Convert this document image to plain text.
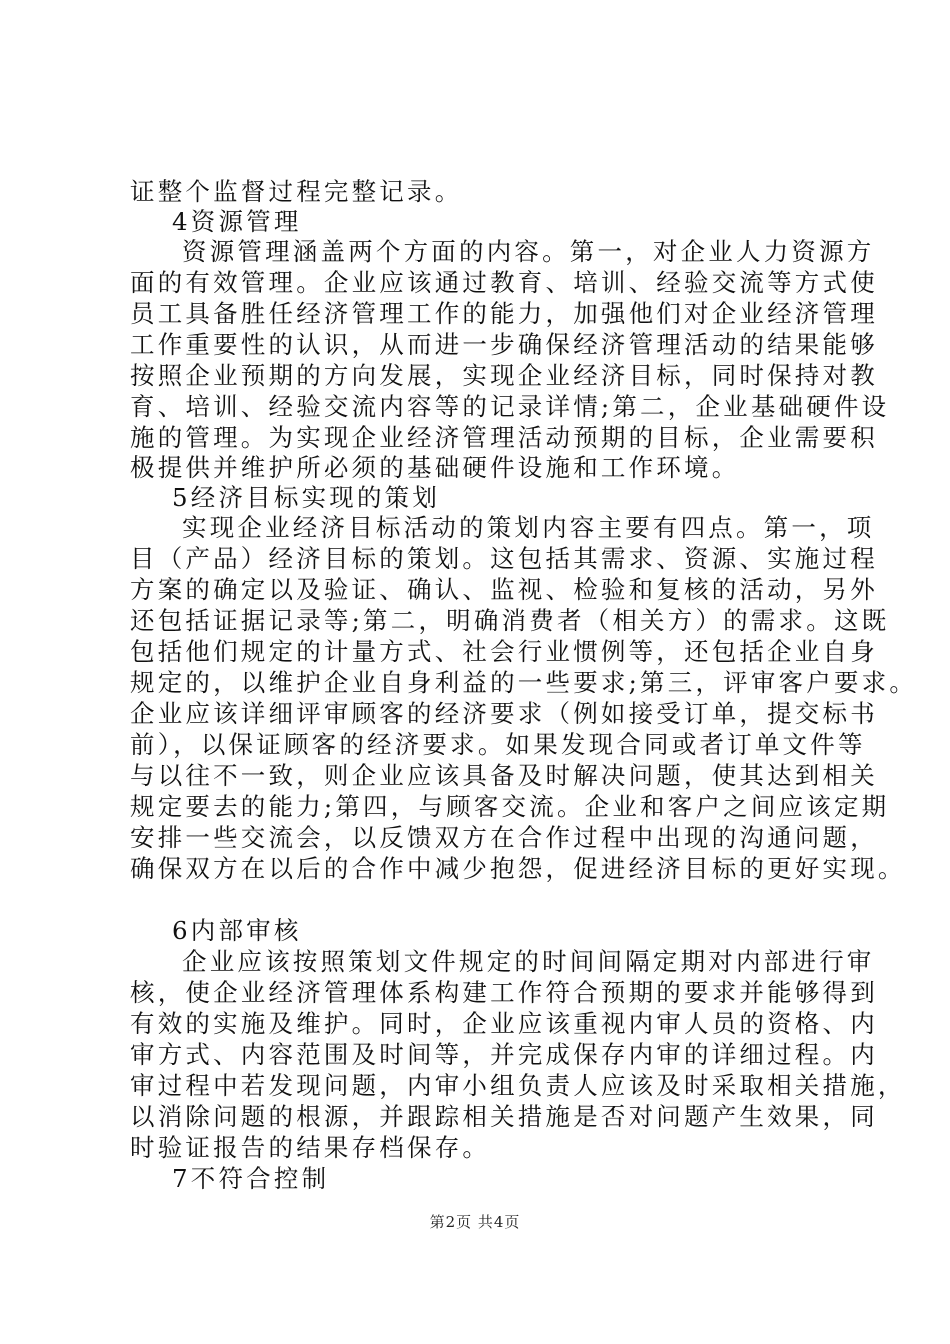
证整个监督过程完整记录。
4资源管理
资源管理涵盖两个方面的内容。第一，对企业人力资源方
面的有效管理。企业应该通过教育、培训、经验交流等方式使
员工具备胜任经济管理工作的能力，加强他们对企业经济管理
工作重要性的认识，从而进一步确保经济管理活动的结果能够
按照企业预期的方向发展，实现企业经济目标，同时保持对教
育、培训、经验交流内容等的记录详情;第二，企业基础硬件设
施的管理。为实现企业经济管理活动预期的目标，企业需要积
极提供并维护所必须的基础硬件设施和工作环境。
5经济目标实现的策划
实现企业经济目标活动的策划内容主要有四点。第一，项
目（产品）经济目标的策划。这包括其需求、资源、实施过程
方案的确定以及验证、确认、监视、检验和复核的活动，另外
还包括证据记录等;第二，明确消费者（相关方）的需求。这既
包括他们规定的计量方式、社会行业惯例等，还包括企业自身
规定的，以维护企业自身利益的一些要求;第三，评审客户要求。
企业应该详细评审顾客的经济要求（例如接受订单，提交标书
前），以保证顾客的经济要求。如果发现合同或者订单文件等
与以往不一致，则企业应该具备及时解决问题，使其达到相关
规定要去的能力;第四，与顾客交流。企业和客户之间应该定期
安排一些交流会，以反馈双方在合作过程中出现的沟通问题，
确保双方在以后的合作中减少抱怨，促进经济目标的更好实现。
6内部审核
企业应该按照策划文件规定的时间间隔定期对内部进行审
核，使企业经济管理体系构建工作符合预期的要求并能够得到
有效的实施及维护。同时，企业应该重视内审人员的资格、内
审方式、内容范围及时间等，并完成保存内审的详细过程。内
审过程中若发现问题，内审小组负责人应该及时采取相关措施，
以消除问题的根源，并跟踪相关措施是否对问题产生效果，同
时验证报告的结果存档保存。
7不符合控制
第2页 共4页
